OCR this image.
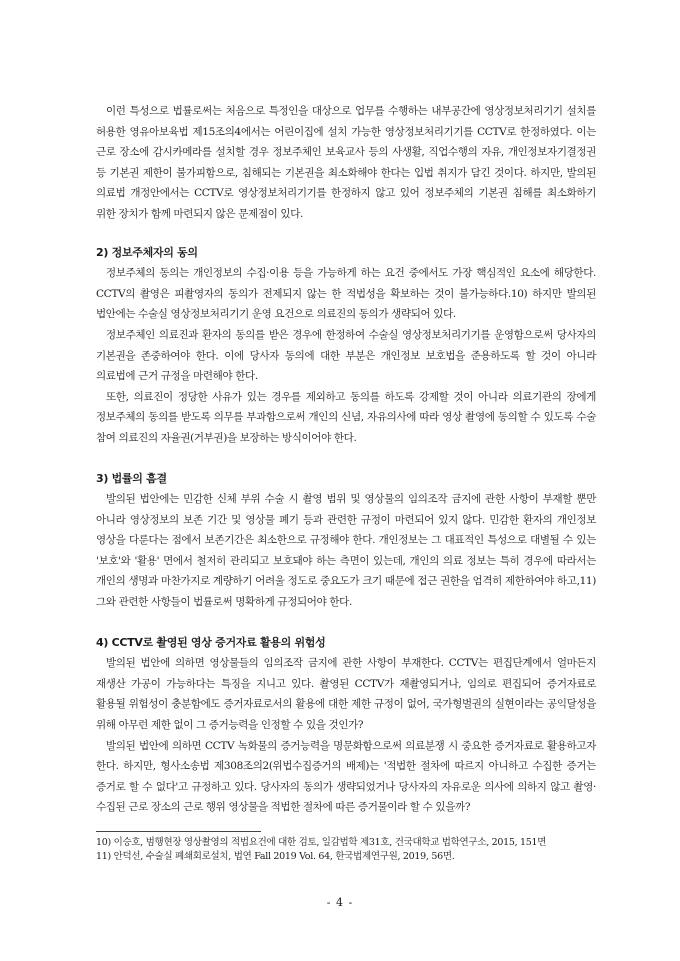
이런 특성으로 법률로써는 처음으로 특정인을 대상으로 업무를 수행하는 내부공간에 영상정보처리기기 설치를 허용한 영유아보육법 제15조의4에서는 어린이집에 설치 가능한 영상정보처리기기를 CCTV로 한정하였다. 이는 근로 장소에 감시카메라를 설치할 경우 정보주체인 보육교사 등의 사생활, 직업수행의 자유, 개인정보자기결정권 등 기본권 제한이 불가피함으로, 침해되는 기본권을 최소화해야 한다는 입법 취지가 담긴 것이다. 하지만, 발의된 의료법 개정안에서는 CCTV로 영상정보처리기기를 한정하지 않고 있어 정보주체의 기본권 침해를 최소화하기 위한 장치가 함께 마련되지 않은 문제점이 있다.

2) 정보주체자의 동의

정보주체의 동의는 개인정보의 수집·이용 등을 가능하게 하는 요건 중에서도 가장 핵심적인 요소에 해당한다. CCTV의 촬영은 피촬영자의 동의가 전제되지 않는 한 적법성을 확보하는 것이 불가능하다.10) 하지만 발의된 법안에는 수술실 영상정보처리기기 운영 요건으로 의료진의 동의가 생략되어 있다.

정보주체인 의료진과 환자의 동의를 받은 경우에 한정하여 수술실 영상정보처리기기를 운영함으로써 당사자의 기본권을 존중하여야 한다. 이에 당사자 동의에 대한 부분은 개인정보 보호법을 준용하도록 할 것이 아니라 의료법에 근거 규정을 마련해야 한다.

또한, 의료진이 정당한 사유가 있는 경우를 제외하고 동의를 하도록 강제할 것이 아니라 의료기관의 장에게 정보주체의 동의를 받도록 의무를 부과함으로써 개인의 신념, 자유의사에 따라 영상 촬영에 동의할 수 있도록 수술 참여 의료진의 자율권(거부권)을 보장하는 방식이어야 한다.

3) 법률의 흠결

발의된 법안에는 민감한 신체 부위 수술 시 촬영 범위 및 영상물의 임의조작 금지에 관한 사항이 부재할 뿐만 아니라 영상정보의 보존 기간 및 영상물 폐기 등과 관련한 규정이 마련되어 있지 않다. 민감한 환자의 개인정보 영상을 다룬다는 점에서 보존기간은 최소한으로 규정해야 한다. 개인정보는 그 대표적인 특성으로 대별될 수 있는 '보호'와 '활용' 면에서 철저히 관리되고 보호돼야 하는 측면이 있는데, 개인의 의료 정보는 특히 경우에 따라서는 개인의 생명과 마찬가지로 계량하기 어려울 정도로 중요도가 크기 때문에 접근 권한을 엄격히 제한하여야 하고,11) 그와 관련한 사항들이 법률로써 명확하게 규정되어야 한다.

4) CCTV로 촬영된 영상 증거자료 활용의 위험성

발의된 법안에 의하면 영상물들의 임의조작 금지에 관한 사항이 부재한다. CCTV는 편집단계에서 얼마든지 재생산 가공이 가능하다는 특징을 지니고 있다. 촬영된 CCTV가 재촬영되거나, 임의로 편집되어 증거자료로 활용될 위험성이 충분함에도 증거자료로서의 활용에 대한 제한 규정이 없어, 국가형벌권의 실현이라는 공익달성을 위해 아무런 제한 없이 그 증거능력을 인정할 수 있을 것인가?

발의된 법안에 의하면 CCTV 녹화물의 증거능력을 명문화함으로써 의료분쟁 시 중요한 증거자료로 활용하고자 한다. 하지만, 형사소송법 제308조의2(위법수집증거의 배제)는 '적법한 절차에 따르지 아니하고 수집한 증거는 증거로 할 수 없다'고 규정하고 있다. 당사자의 동의가 생략되었거나 당사자의 자유로운 의사에 의하지 않고 촬영·수집된 근로 장소의 근로 행위 영상물을 적법한 절차에 따른 증거물이라 할 수 있을까?

10) 이승호, 범행현장 영상촬영의 적법요건에 대한 검토, 일감법학 제31호, 건국대학교 법학연구소, 2015, 151면

11) 안덕선, 수술실 폐쇄회로설치, 법연 Fall 2019 Vol. 64, 한국법제연구원, 2019, 56면.

- 4 -
